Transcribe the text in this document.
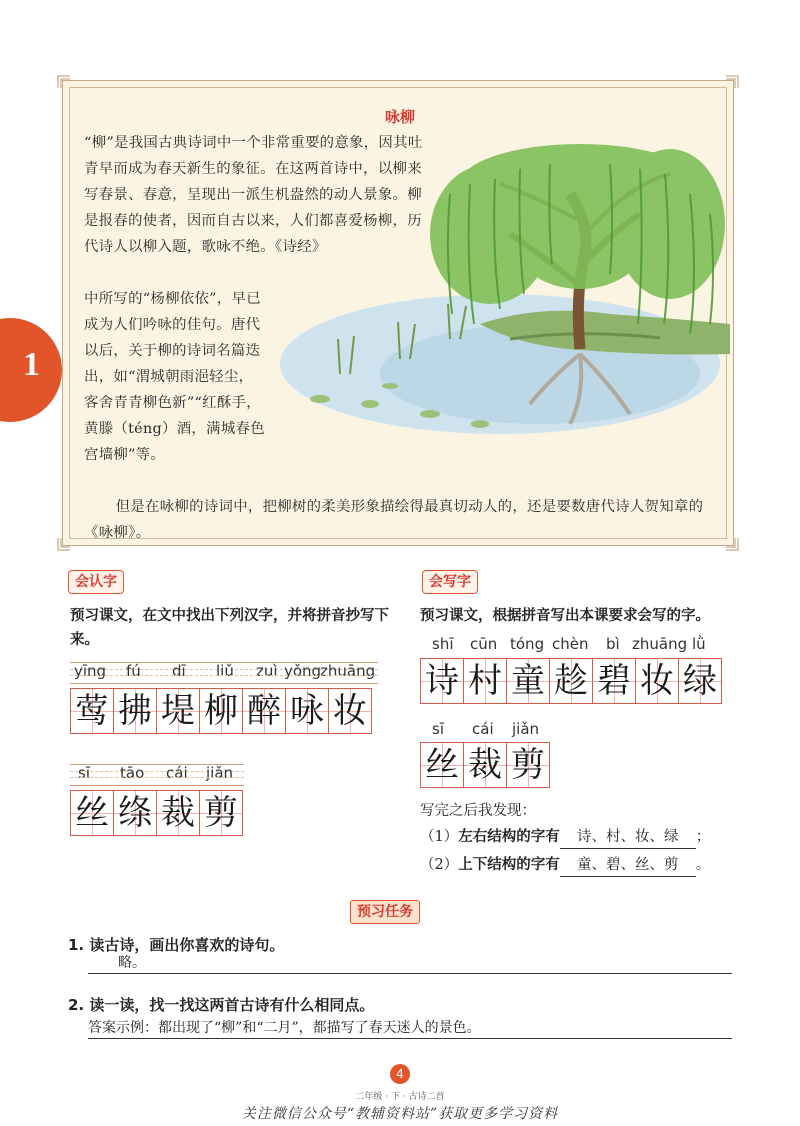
1
咏柳
“柳”是我国古典诗词中一个非常重要的意象，因其吐青早而成为春天新生的象征。在这两首诗中，以柳来写春景、春意，呈现出一派生机盎然的动人景象。柳是报春的使者，因而自古以来，人们都喜爱杨柳，历代诗人以柳入题，歌咏不绝。《诗经》
中所写的“杨柳依依”，早已成为人们吟咏的佳句。唐代以后，关于柳的诗词名篇迭出，如“渭城朝雨浥轻尘，客舍青青柳色新”“红酥手，黄滕（téng）酒，满城春色宫墙柳”等。
但是在咏柳的诗词中，把柳树的柔美形象描绘得最真切动人的，还是要数唐代诗人贺知章的《咏柳》。
会认字
预习课文，在文中找出下列汉字，并将拼音抄写下来。
yīng fú dī liǔ zuì yǒng
zhuāng
莺 拂 堤 柳 醉 咏 妆
sī tāo cái jiǎn
丝 绦 裁 剪
会写字
预习课文，根据拼音写出本课要求会写的字。
shī cūn tóng chèn bì zhuāng lǜ
诗 村 童 趁 碧 妆 绿
sī cái jiǎn
丝 裁 剪
写完之后我发现：
（1）左右结构的字有 诗、村、妆、绿 ；
（2）上下结构的字有 童、碧、丝、剪 。
预习任务
1. 读古诗，画出你喜欢的诗句。
略。
2. 读一读，找一找这两首古诗有什么相同点。
答案示例：都出现了“柳”和“二月”，都描写了春天迷人的景色。
4
二年级 · 下 · 古诗二首
关注微信公众号“教辅资料站”获取更多学习资料
